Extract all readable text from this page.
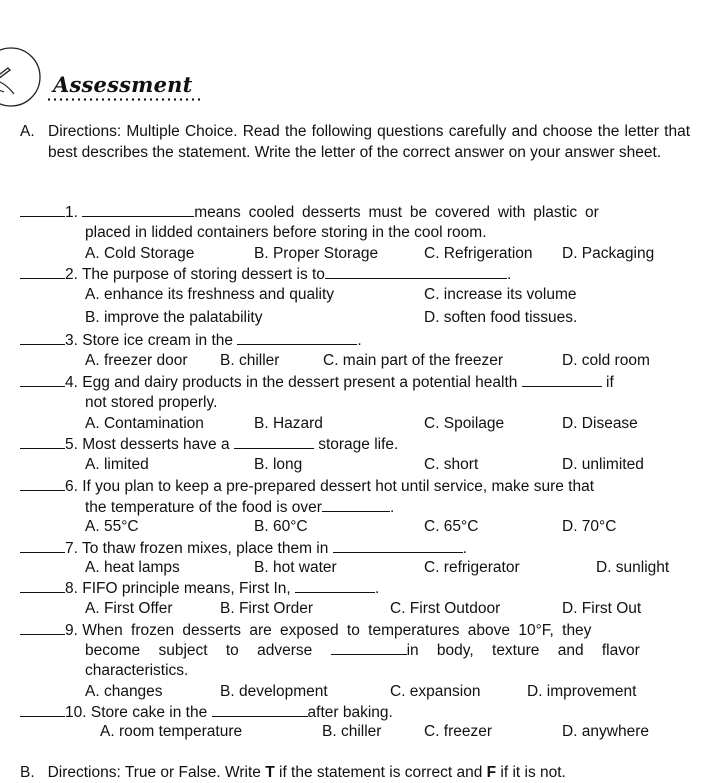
Assessment
A. Directions: Multiple Choice. Read the following questions carefully and choose the letter that best describes the statement. Write the letter of the correct answer on your answer sheet.
1.	means cooled desserts must be covered with plastic or
placed in lidded containers before storing in the cool room.
A. Cold Storage	B. Proper Storage	C. Refrigeration D. Packaging
2. The purpose of storing dessert is to	.
A. enhance its freshness and quality	C. increase its volume
B. improve the palatability	D. soften food tissues.
3. Store ice cream in the	.
A. freezer door B. chiller	C. main part of the freezer	D. cold room
4. Egg and dairy products in the dessert present a potential health	if
not stored properly.
A. Contamination	B. Hazard	C. Spoilage	D. Disease
5. Most desserts have a	storage life.
A. limited	B. long	C. short	D. unlimited
6. If you plan to keep a pre-prepared dessert hot until service, make sure that
the temperature of the food is over	.
A. 55°C	B. 60°C	C. 65°C	D. 70°C
7. To thaw frozen mixes, place them in	.
A. heat lamps	B. hot water	C. refrigerator	D. sunlight
8. FIFO principle means, First In,	.
A. First Offer	B. First Order	C. First Outdoor	D. First Out
9. When frozen desserts are exposed to temperatures above 10°F, they
become subject to adverse	in body, texture and flavor
characteristics.
A. changes	B. development	C. expansion	D. improvement
10. Store cake in the	after baking.
A. room temperature	B. chiller	C. freezer	D. anywhere
B. Directions: True or False. Write T if the statement is correct and F if it is not.
